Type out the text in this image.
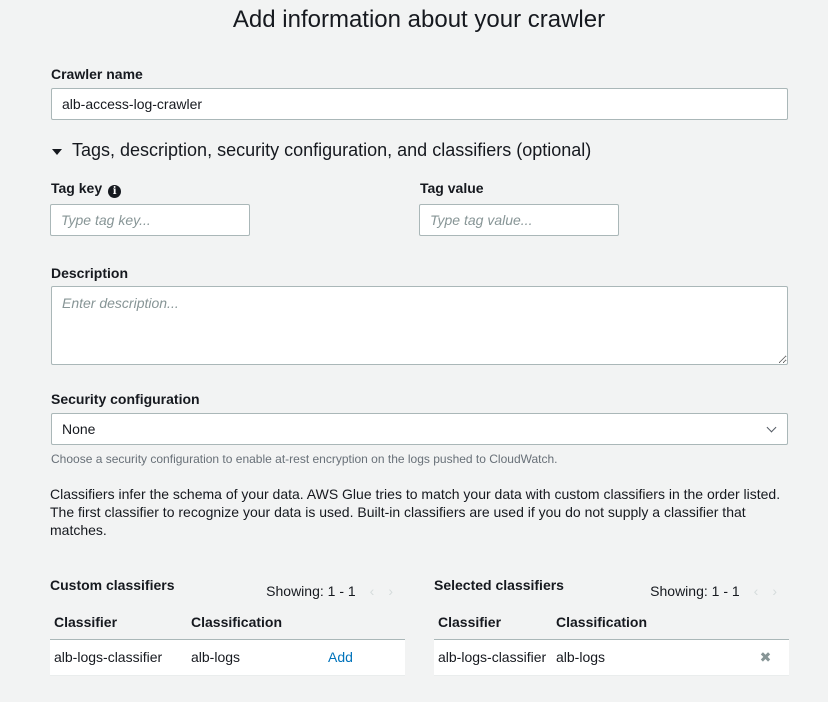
Add information about your crawler
Crawler name
alb-access-log-crawler
Tags, description, security configuration, and classifiers (optional)
Tag key i
Type tag key...	Tag value
Type tag value...
Description
Enter description...
Security configuration
None
Choose a security configuration to enable at-rest encryption on the logs pushed to CloudWatch.
Classifiers infer the schema of your data. AWS Glue tries to match your data with custom classifiers in the order listed. The first classifier to recognize your data is used. Built-in classifiers are used if you do not supply a classifier that matches.
Custom classifiers	Showing: 1 - 1 ‹ ›
Classifier	Classification	
alb-logs-classifier	alb-logs	Add
Selected classifiers	Showing: 1 - 1 ‹ ›
Classifier	Classification	
alb-logs-classifier	alb-logs	✖
